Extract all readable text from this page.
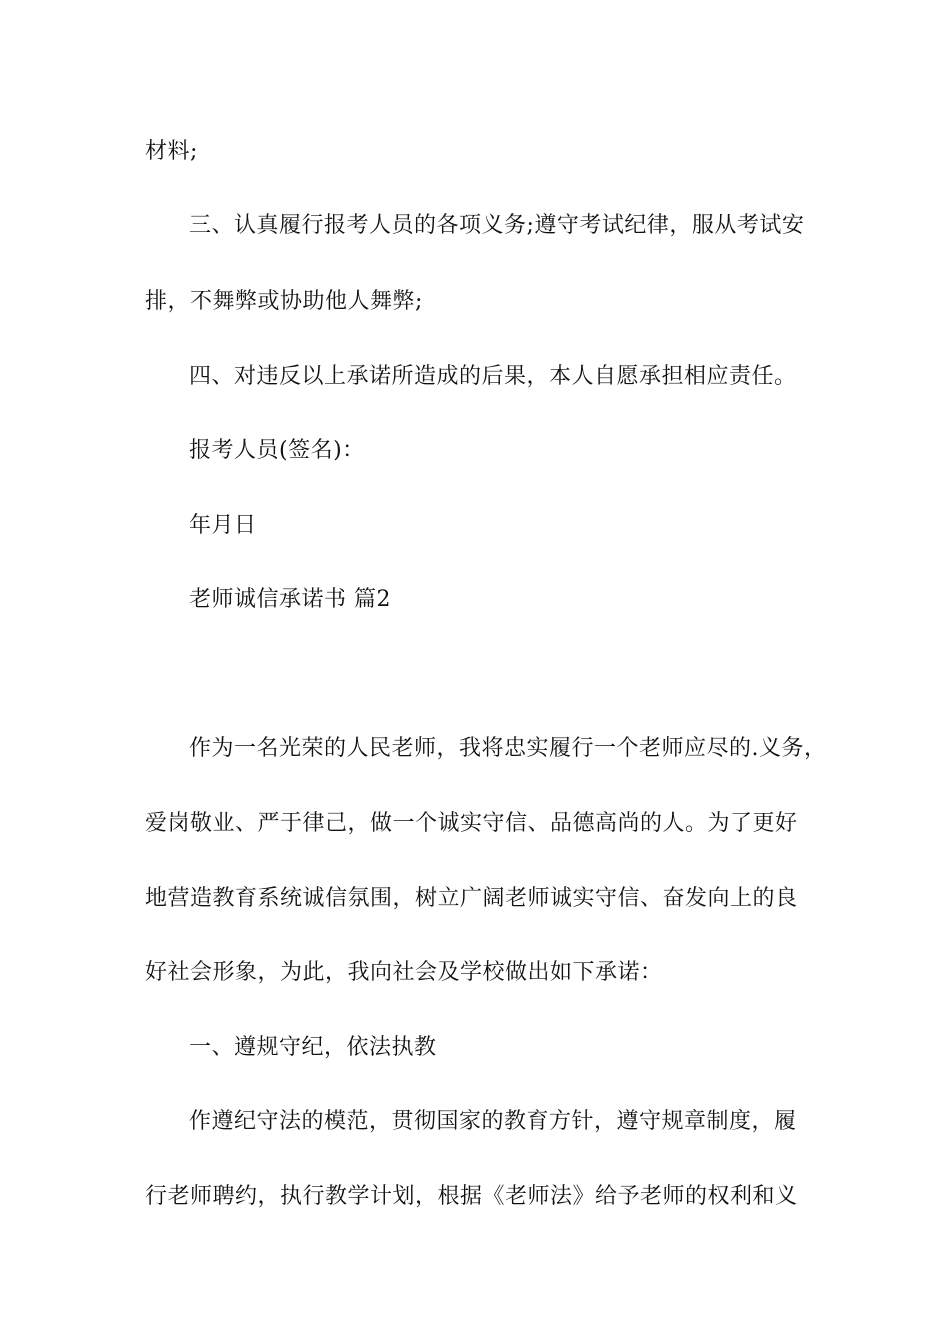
材料;
三、认真履行报考人员的各项义务;遵守考试纪律，服从考试安
排，不舞弊或协助他人舞弊;
四、对违反以上承诺所造成的后果，本人自愿承担相应责任。
报考人员(签名)：
年月日
老师诚信承诺书 篇2
作为一名光荣的人民老师，我将忠实履行一个老师应尽的.义务，
爱岗敬业、严于律己，做一个诚实守信、品德高尚的人。为了更好
地营造教育系统诚信氛围，树立广阔老师诚实守信、奋发向上的良
好社会形象，为此，我向社会及学校做出如下承诺：
一、遵规守纪，依法执教
作遵纪守法的模范，贯彻国家的教育方针，遵守规章制度，履
行老师聘约，执行教学计划，根据《老师法》给予老师的权利和义
